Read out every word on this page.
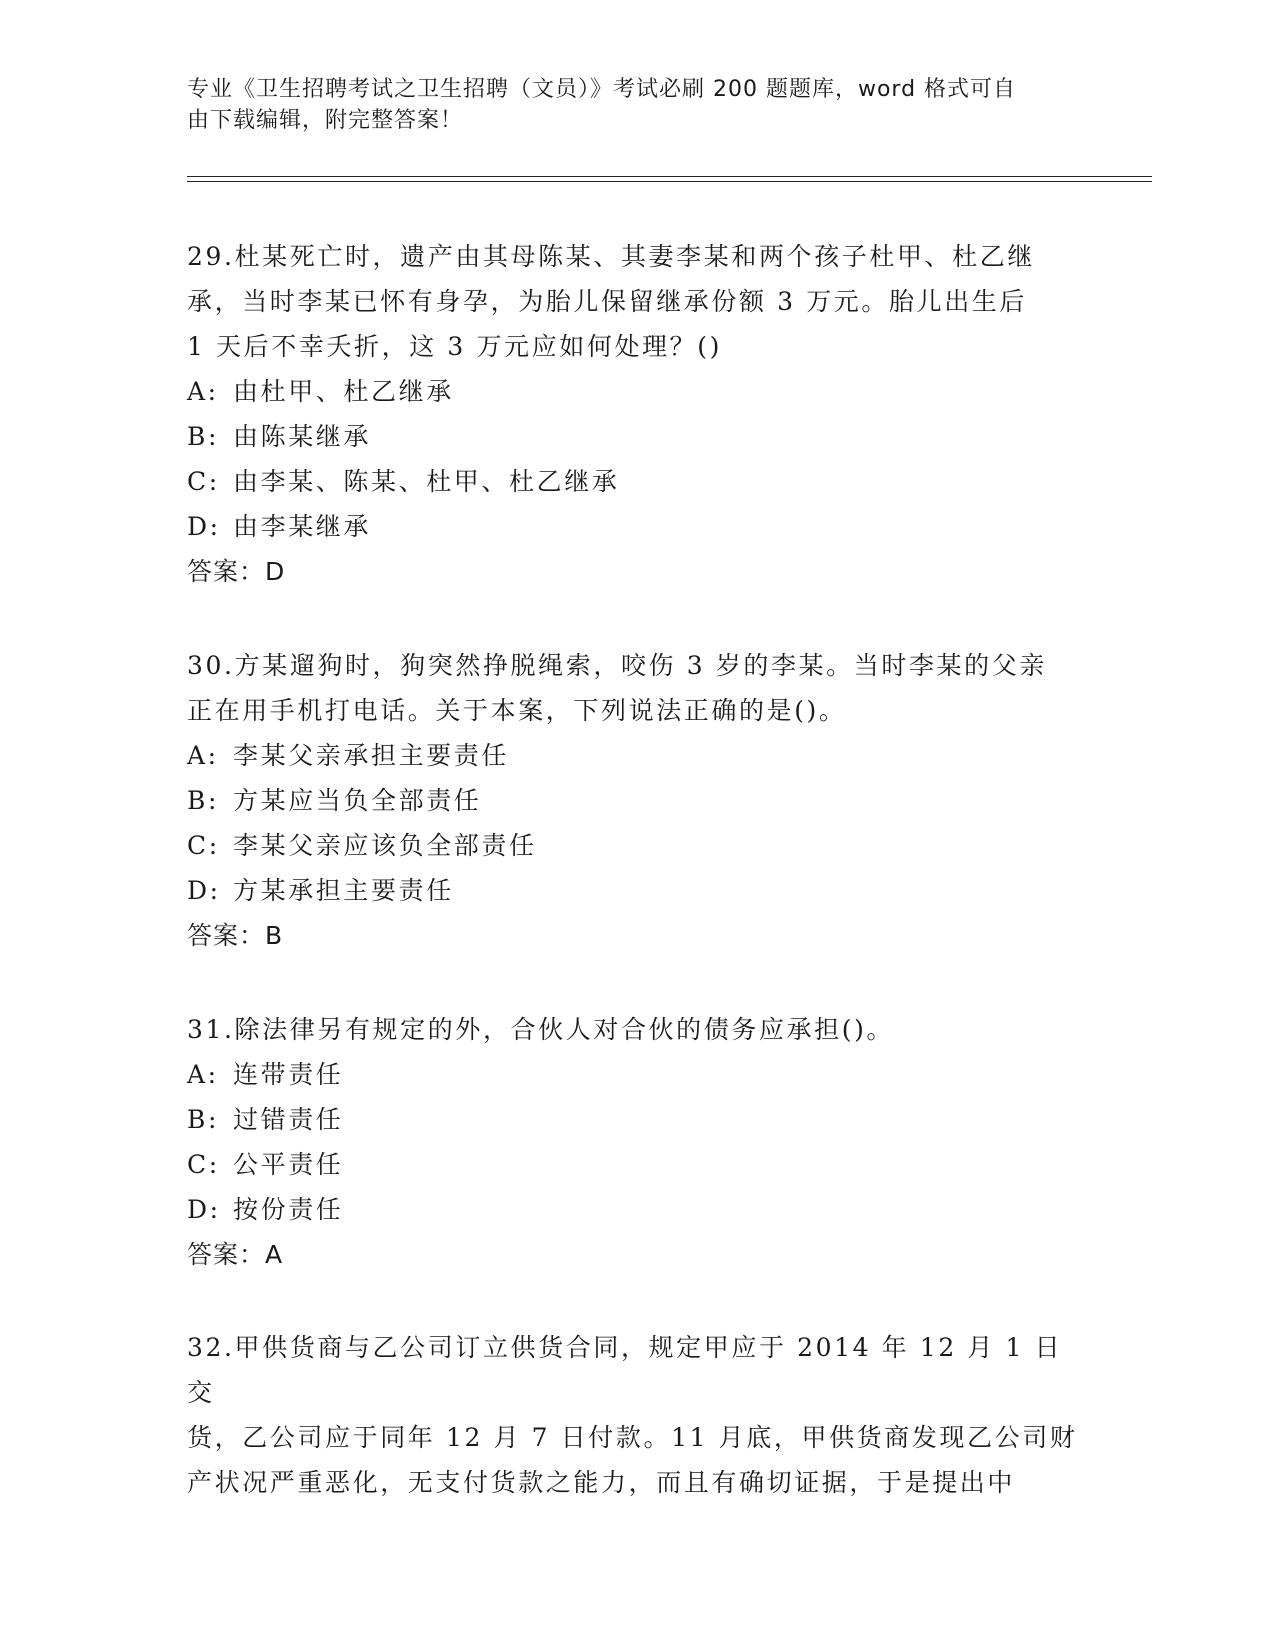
专业《卫生招聘考试之卫生招聘（文员）》考试必刷 200 题题库，word 格式可自
由下载编辑，附完整答案！

29.杜某死亡时，遗产由其母陈某、其妻李某和两个孩子杜甲、杜乙继

承，当时李某已怀有身孕，为胎儿保留继承份额 3 万元。胎儿出生后

1 天后不幸夭折，这 3 万元应如何处理？()

A: 由杜甲、杜乙继承

B: 由陈某继承

C: 由李某、陈某、杜甲、杜乙继承

D: 由李某继承

答案：D

30.方某遛狗时，狗突然挣脱绳索，咬伤 3 岁的李某。当时李某的父亲

正在用手机打电话。关于本案，下列说法正确的是()。

A: 李某父亲承担主要责任

B: 方某应当负全部责任

C: 李某父亲应该负全部责任

D: 方某承担主要责任

答案：B

31.除法律另有规定的外，合伙人对合伙的债务应承担()。

A: 连带责任

B: 过错责任

C: 公平责任

D: 按份责任

答案：A

32.甲供货商与乙公司订立供货合同，规定甲应于 2014 年 12 月 1 日交

货，乙公司应于同年 12 月 7 日付款。11 月底，甲供货商发现乙公司财

产状况严重恶化，无支付货款之能力，而且有确切证据，于是提出中
